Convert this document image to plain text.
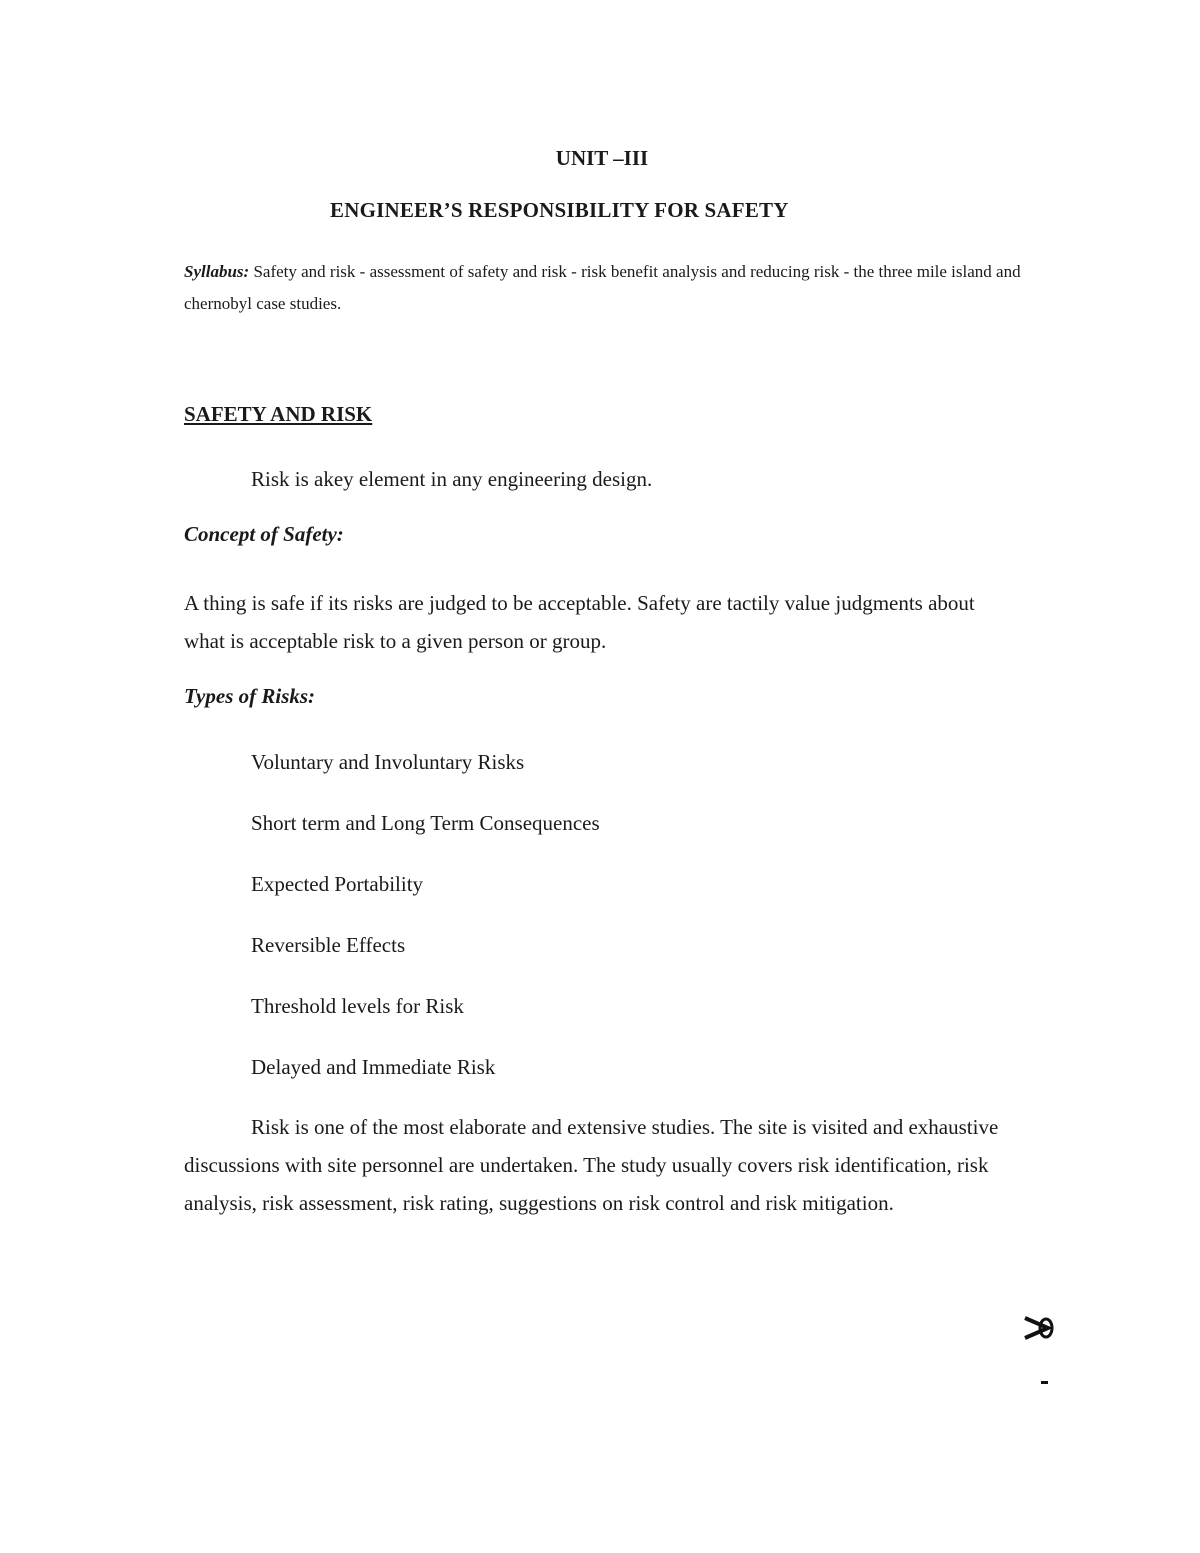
UNIT –III
ENGINEER’S RESPONSIBILITY FOR SAFETY
Syllabus: Safety and risk - assessment of safety and risk - risk benefit analysis and reducing risk - the three mile island and chernobyl case studies.
SAFETY AND RISK
Risk is akey element in any engineering design.
Concept of Safety:
A thing is safe if its risks are judged to be acceptable. Safety are tactily value judgments about what is acceptable risk to a given person or group.
Types of Risks:
Voluntary and Involuntary Risks
Short term and Long Term Consequences
Expected Portability
Reversible Effects
Threshold levels for Risk
Delayed and Immediate Risk
Risk is one of the most elaborate and extensive studies. The site is visited and exhaustive discussions with site personnel are undertaken. The study usually covers risk identification, risk analysis, risk assessment, risk rating, suggestions on risk control and risk mitigation.
